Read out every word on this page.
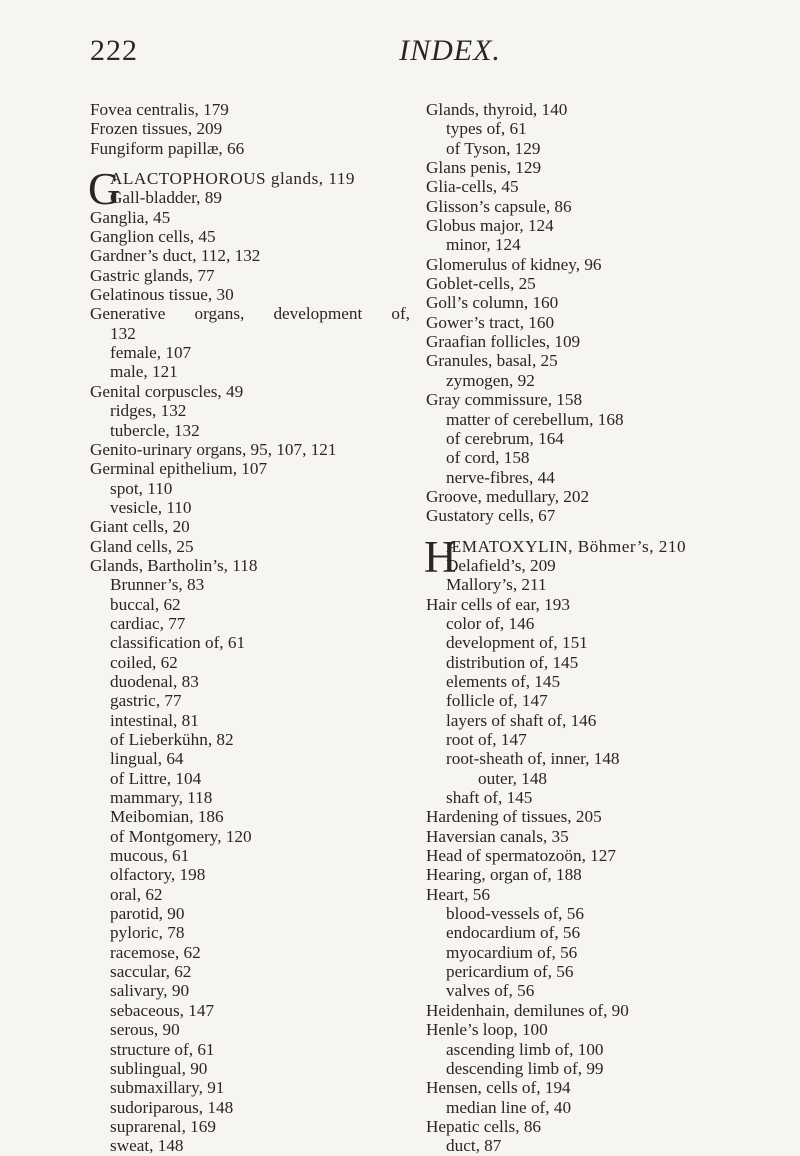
222	INDEX.
Fovea centralis, 179
Frozen tissues, 209
Fungiform papillæ, 66
G
ALACTOPHOROUS glands, 119
Gall-bladder, 89
Ganglia, 45
Ganglion cells, 45
Gardner’s duct, 112, 132
Gastric glands, 77
Gelatinous tissue, 30
Generative organs, development of,
132
female, 107
male, 121
Genital corpuscles, 49
ridges, 132
tubercle, 132
Genito-urinary organs, 95, 107, 121
Germinal epithelium, 107
spot, 110
vesicle, 110
Giant cells, 20
Gland cells, 25
Glands, Bartholin’s, 118
Brunner’s, 83
buccal, 62
cardiac, 77
classification of, 61
coiled, 62
duodenal, 83
gastric, 77
intestinal, 81
of Lieberkühn, 82
lingual, 64
of Littre, 104
mammary, 118
Meibomian, 186
of Montgomery, 120
mucous, 61
olfactory, 198
oral, 62
parotid, 90
pyloric, 78
racemose, 62
saccular, 62
salivary, 90
sebaceous, 147
serous, 90
structure of, 61
sublingual, 90
submaxillary, 91
sudoriparous, 148
suprarenal, 169
sweat, 148
Glands, thyroid, 140
types of, 61
of Tyson, 129
Glans penis, 129
Glia-cells, 45
Glisson’s capsule, 86
Globus major, 124
minor, 124
Glomerulus of kidney, 96
Goblet-cells, 25
Goll’s column, 160
Gower’s tract, 160
Graafian follicles, 109
Granules, basal, 25
zymogen, 92
Gray commissure, 158
matter of cerebellum, 168
of cerebrum, 164
of cord, 158
nerve-fibres, 44
Groove, medullary, 202
Gustatory cells, 67
H
ÆMATOXYLIN, Böhmer’s, 210
Delafield’s, 209
Mallory’s, 211
Hair cells of ear, 193
color of, 146
development of, 151
distribution of, 145
elements of, 145
follicle of, 147
layers of shaft of, 146
root of, 147
root-sheath of, inner, 148
outer, 148
shaft of, 145
Hardening of tissues, 205
Haversian canals, 35
Head of spermatozoön, 127
Hearing, organ of, 188
Heart, 56
blood-vessels of, 56
endocardium of, 56
myocardium of, 56
pericardium of, 56
valves of, 56
Heidenhain, demilunes of, 90
Henle’s loop, 100
ascending limb of, 100
descending limb of, 99
Hensen, cells of, 194
median line of, 40
Hepatic cells, 86
duct, 87
